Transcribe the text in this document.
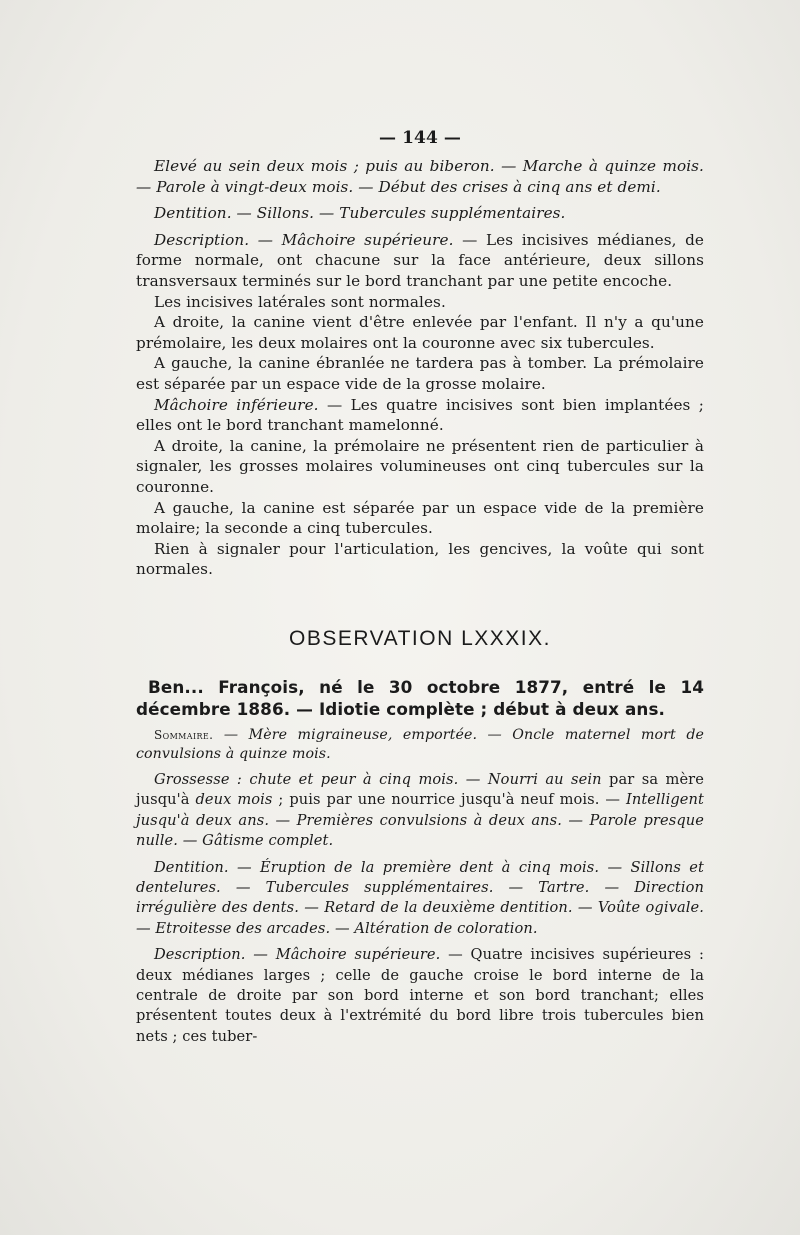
— 144 —

Elevé au sein deux mois ; puis au biberon. — Marche à quinze mois. — Parole à vingt-deux mois. — Début des crises à cinq ans et demi.

Dentition. — Sillons. — Tubercules supplémentaires.

Description. — Mâchoire supérieure. — Les incisives médianes, de forme normale, ont chacune sur la face antérieure, deux sillons transversaux terminés sur le bord tranchant par une petite encoche.

Les incisives latérales sont normales.

A droite, la canine vient d'être enlevée par l'enfant. Il n'y a qu'une prémolaire, les deux molaires ont la couronne avec six tubercules.

A gauche, la canine ébranlée ne tardera pas à tomber. La prémolaire est séparée par un espace vide de la grosse molaire.

Mâchoire inférieure. — Les quatre incisives sont bien implantées ; elles ont le bord tranchant mamelonné.

A droite, la canine, la prémolaire ne présentent rien de particulier à signaler, les grosses molaires volumineuses ont cinq tubercules sur la couronne.

A gauche, la canine est séparée par un espace vide de la première molaire; la seconde a cinq tubercules.

Rien à signaler pour l'articulation, les gencives, la voûte qui sont normales.

OBSERVATION LXXXIX.

Ben... François, né le 30 octobre 1877, entré le 14 décembre 1886. — Idiotie complète ; début à deux ans.

Sommaire. — Mère migraineuse, emportée. — Oncle maternel mort de convulsions à quinze mois.

Grossesse : chute et peur à cinq mois. — Nourri au sein par sa mère jusqu'à deux mois ; puis par une nourrice jusqu'à neuf mois. — Intelligent jusqu'à deux ans. — Premières convulsions à deux ans. — Parole presque nulle. — Gâtisme complet.

Dentition. — Éruption de la première dent à cinq mois. — Sillons et dentelures. — Tubercules supplémentaires. — Tartre. — Direction irrégulière des dents. — Retard de la deuxième dentition. — Voûte ogivale. — Etroitesse des arcades. — Altération de coloration.

Description. — Mâchoire supérieure. — Quatre incisives supérieures : deux médianes larges ; celle de gauche croise le bord interne de la centrale de droite par son bord interne et son bord tranchant; elles présentent toutes deux à l'extrémité du bord libre trois tubercules bien nets ; ces tuber-
